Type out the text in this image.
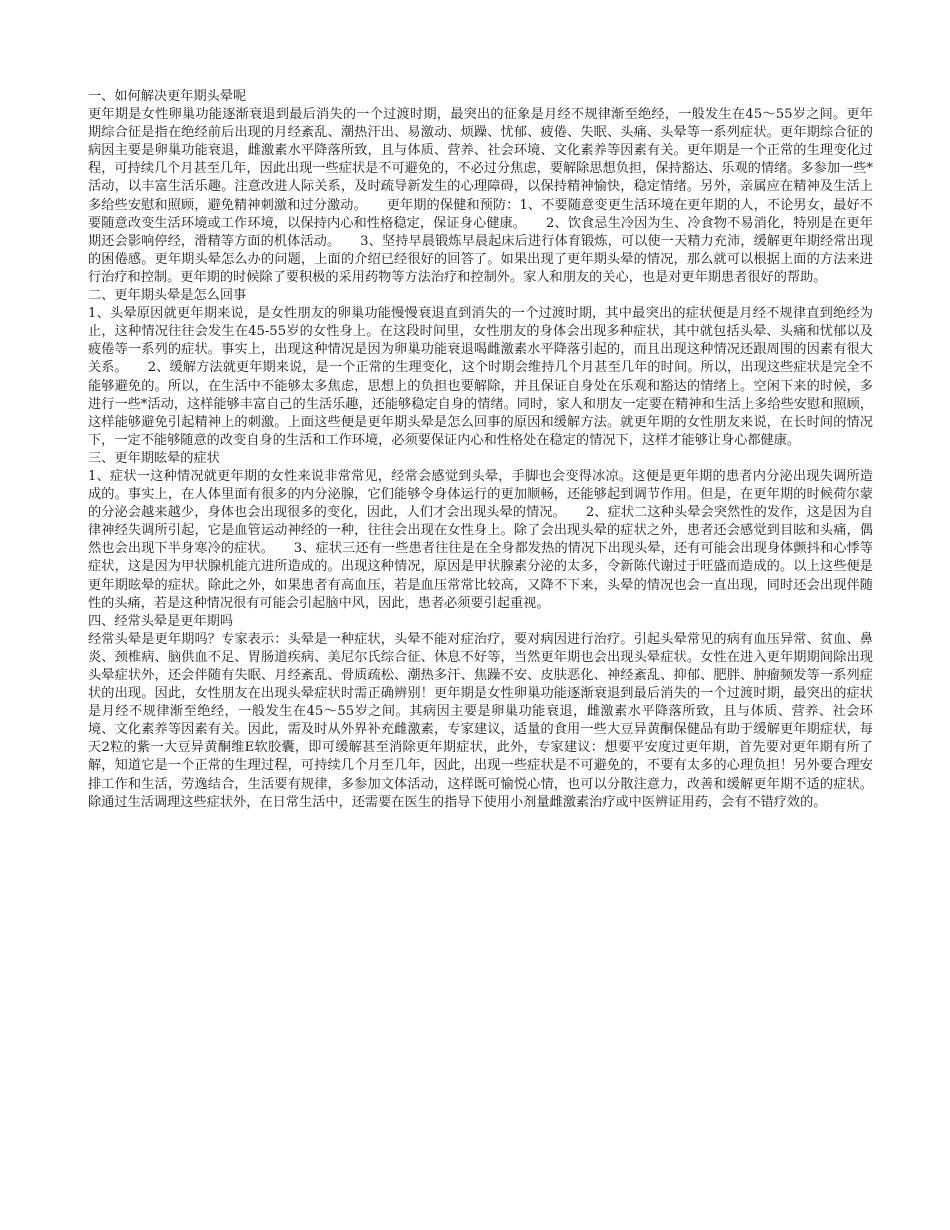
一、如何解决更年期头晕呢

更年期是女性卵巢功能逐渐衰退到最后消失的一个过渡时期，最突出的征象是月经不规律渐至绝经，一般发生在45～55岁之间。更年期综合征是指在绝经前后出现的月经紊乱、潮热汗出、易激动、烦躁、忧郁、疲倦、失眠、头痛、头晕等一系列症状。更年期综合征的病因主要是卵巢功能衰退，雌激素水平降落所致，且与体质、营养、社会环境、文化素养等因素有关。更年期是一个正常的生理变化过程，可持续几个月甚至几年，因此出现一些症状是不可避免的，不必过分焦虑，要解除思想负担，保持豁达、乐观的情绪。多参加一些*活动，以丰富生活乐趣。注意改进人际关系，及时疏导新发生的心理障碍，以保持精神愉快，稳定情绪。另外，亲属应在精神及生活上多给些安慰和照顾，避免精神刺激和过分激动。　　更年期的保健和预防：1、不要随意变更生活环境在更年期的人，不论男女，最好不要随意改变生活环境或工作环境，以保持内心和性格稳定，保证身心健康。　　2、饮食忌生冷因为生、冷食物不易消化，特别是在更年期还会影响停经，滑精等方面的机体活动。　　3、坚持早晨锻炼早晨起床后进行体育锻炼，可以使一天精力充沛，缓解更年期经常出现的困倦感。更年期头晕怎么办的问题，上面的介绍已经很好的回答了。如果出现了更年期头晕的情况，那么就可以根据上面的方法来进行治疗和控制。更年期的时候除了要积极的采用药物等方法治疗和控制外。家人和朋友的关心，也是对更年期患者很好的帮助。

二、更年期头晕是怎么回事

1、头晕原因就更年期来说，是女性朋友的卵巢功能慢慢衰退直到消失的一个过渡时期，其中最突出的症状便是月经不规律直到绝经为止，这种情况往往会发生在45-55岁的女性身上。在这段时间里，女性朋友的身体会出现多种症状，其中就包括头晕、头痛和忧郁以及疲倦等一系列的症状。事实上，出现这种情况是因为卵巢功能衰退喝雌激素水平降落引起的，而且出现这种情况还跟周围的因素有很大关系。　　2、缓解方法就更年期来说，是一个正常的生理变化，这个时期会维持几个月甚至几年的时间。所以，出现这些症状是完全不能够避免的。所以，在生活中不能够太多焦虑，思想上的负担也要解除，并且保证自身处在乐观和豁达的情绪上。空闲下来的时候，多进行一些*活动，这样能够丰富自己的生活乐趣，还能够稳定自身的情绪。同时，家人和朋友一定要在精神和生活上多给些安慰和照顾，这样能够避免引起精神上的刺激。上面这些便是更年期头晕是怎么回事的原因和缓解方法。就更年期的女性朋友来说，在长时间的情况下，一定不能够随意的改变自身的生活和工作环境，必须要保证内心和性格处在稳定的情况下，这样才能够让身心都健康。

三、更年期眩晕的症状

1、症状一这种情况就更年期的女性来说非常常见，经常会感觉到头晕，手脚也会变得冰凉。这便是更年期的患者内分泌出现失调所造成的。事实上，在人体里面有很多的内分泌腺，它们能够令身体运行的更加顺畅，还能够起到调节作用。但是，在更年期的时候荷尔蒙的分泌会越来越少，身体也会出现很多的变化，因此，人们才会出现头晕的情况。　　2、症状二这种头晕会突然性的发作，这是因为自律神经失调所引起，它是血管运动神经的一种，往往会出现在女性身上。除了会出现头晕的症状之外，患者还会感觉到目眩和头痛，偶然也会出现下半身寒冷的症状。　　3、症状三还有一些患者往往是在全身都发热的情况下出现头晕，还有可能会出现身体颤抖和心悸等症状，这是因为甲状腺机能亢进所造成的。出现这种情况，原因是甲状腺素分泌的太多，令新陈代谢过于旺盛而造成的。以上这些便是更年期眩晕的症状。除此之外，如果患者有高血压，若是血压常常比较高，又降不下来，头晕的情况也会一直出现，同时还会出现伴随性的头痛，若是这种情况很有可能会引起脑中风，因此，患者必须要引起重视。

四、经常头晕是更年期吗

经常头晕是更年期吗？专家表示：头晕是一种症状，头晕不能对症治疗，要对病因进行治疗。引起头晕常见的病有血压异常、贫血、鼻炎、颈椎病、脑供血不足、胃肠道疾病、美尼尔氏综合征、休息不好等，当然更年期也会出现头晕症状。女性在进入更年期期间除出现头晕症状外，还会伴随有失眠、月经紊乱、骨质疏松、潮热多汗、焦躁不安、皮肤恶化、神经紊乱、抑郁、肥胖、肿瘤频发等一系列症状的出现。因此，女性朋友在出现头晕症状时需正确辨别！更年期是女性卵巢功能逐渐衰退到最后消失的一个过渡时期，最突出的症状是月经不规律渐至绝经，一般发生在45～55岁之间。其病因主要是卵巢功能衰退，雌激素水平降落所致，且与体质、营养、社会环境、文化素养等因素有关。因此，需及时从外界补充雌激素，专家建议，适量的食用一些大豆异黄酮保健品有助于缓解更年期症状，每天2粒的紫一大豆异黄酮维E软胶囊，即可缓解甚至消除更年期症状，此外，专家建议：想要平安度过更年期，首先要对更年期有所了解，知道它是一个正常的生理过程，可持续几个月至几年，因此，出现一些症状是不可避免的，不要有太多的心理负担！另外要合理安排工作和生活，劳逸结合，生活要有规律，多参加文体活动，这样既可愉悦心情，也可以分散注意力，改善和缓解更年期不适的症状。除通过生活调理这些症状外，在日常生活中，还需要在医生的指导下使用小剂量雌激素治疗或中医辨证用药，会有不错疗效的。
